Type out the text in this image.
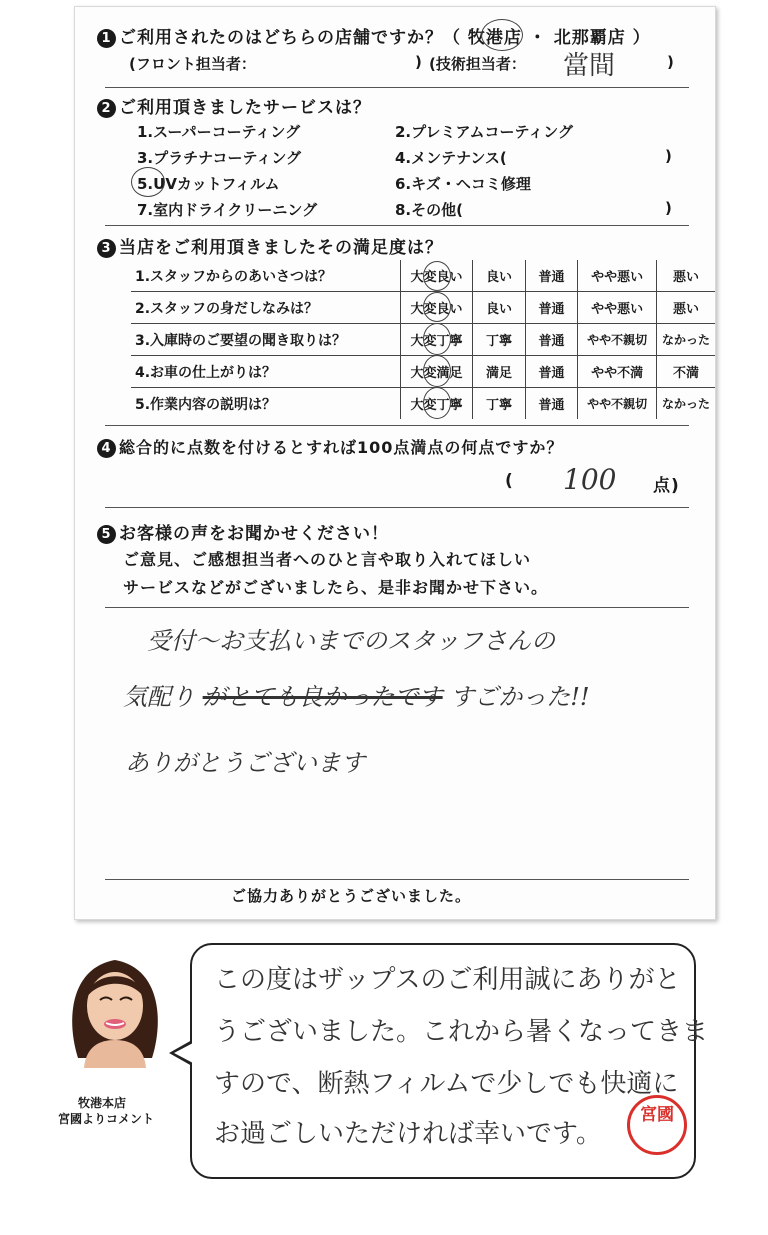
1 ご利用されたのはどちらの店舗ですか？（ 牧港店 ・ 北那覇店 ）
(フロント担当者：	) (技術担当者： 當間	)
2 ご利用頂きましたサービスは？
1.スーパーコーティング	2.プレミアムコーティング
3.プラチナコーティング	4.メンテナンス(	)
5.UVカットフィルム	6.キズ・ヘコミ修理
7.室内ドライクリーニング	8.その他(	)
3 当店をご利用頂きましたその満足度は？
1.スタッフからのあいさつは？	大変良い	良い	普通	やや悪い	悪い
2.スタッフの身だしなみは？	大変良い	良い	普通	やや悪い	悪い
3.入庫時のご要望の聞き取りは？	大変丁寧	丁寧	普通	やや不親切	なかった
4.お車の仕上がりは？	大変満足	満足	普通	やや不満	不満
5.作業内容の説明は？	大変丁寧	丁寧	普通	やや不親切	なかった
4 総合的に点数を付けるとすれば100点満点の何点ですか？
( 100 点)
5 お客様の声をお聞かせください！
ご意見、ご感想担当者へのひと言や取り入れてほしい
サービスなどがございましたら、是非お聞かせ下さい。
受付〜お支払いまでのスタッフさんの
気配り がとても良かったです すごかった!!
ありがとうございます
ご協力ありがとうございました。
牧港本店
宮國よりコメント
この度はザップスのご利用誠にありがと
うございました。これから暑くなってきま
すので、断熱フィルムで少しでも快適に
お過ごしいただければ幸いです。
宮國
